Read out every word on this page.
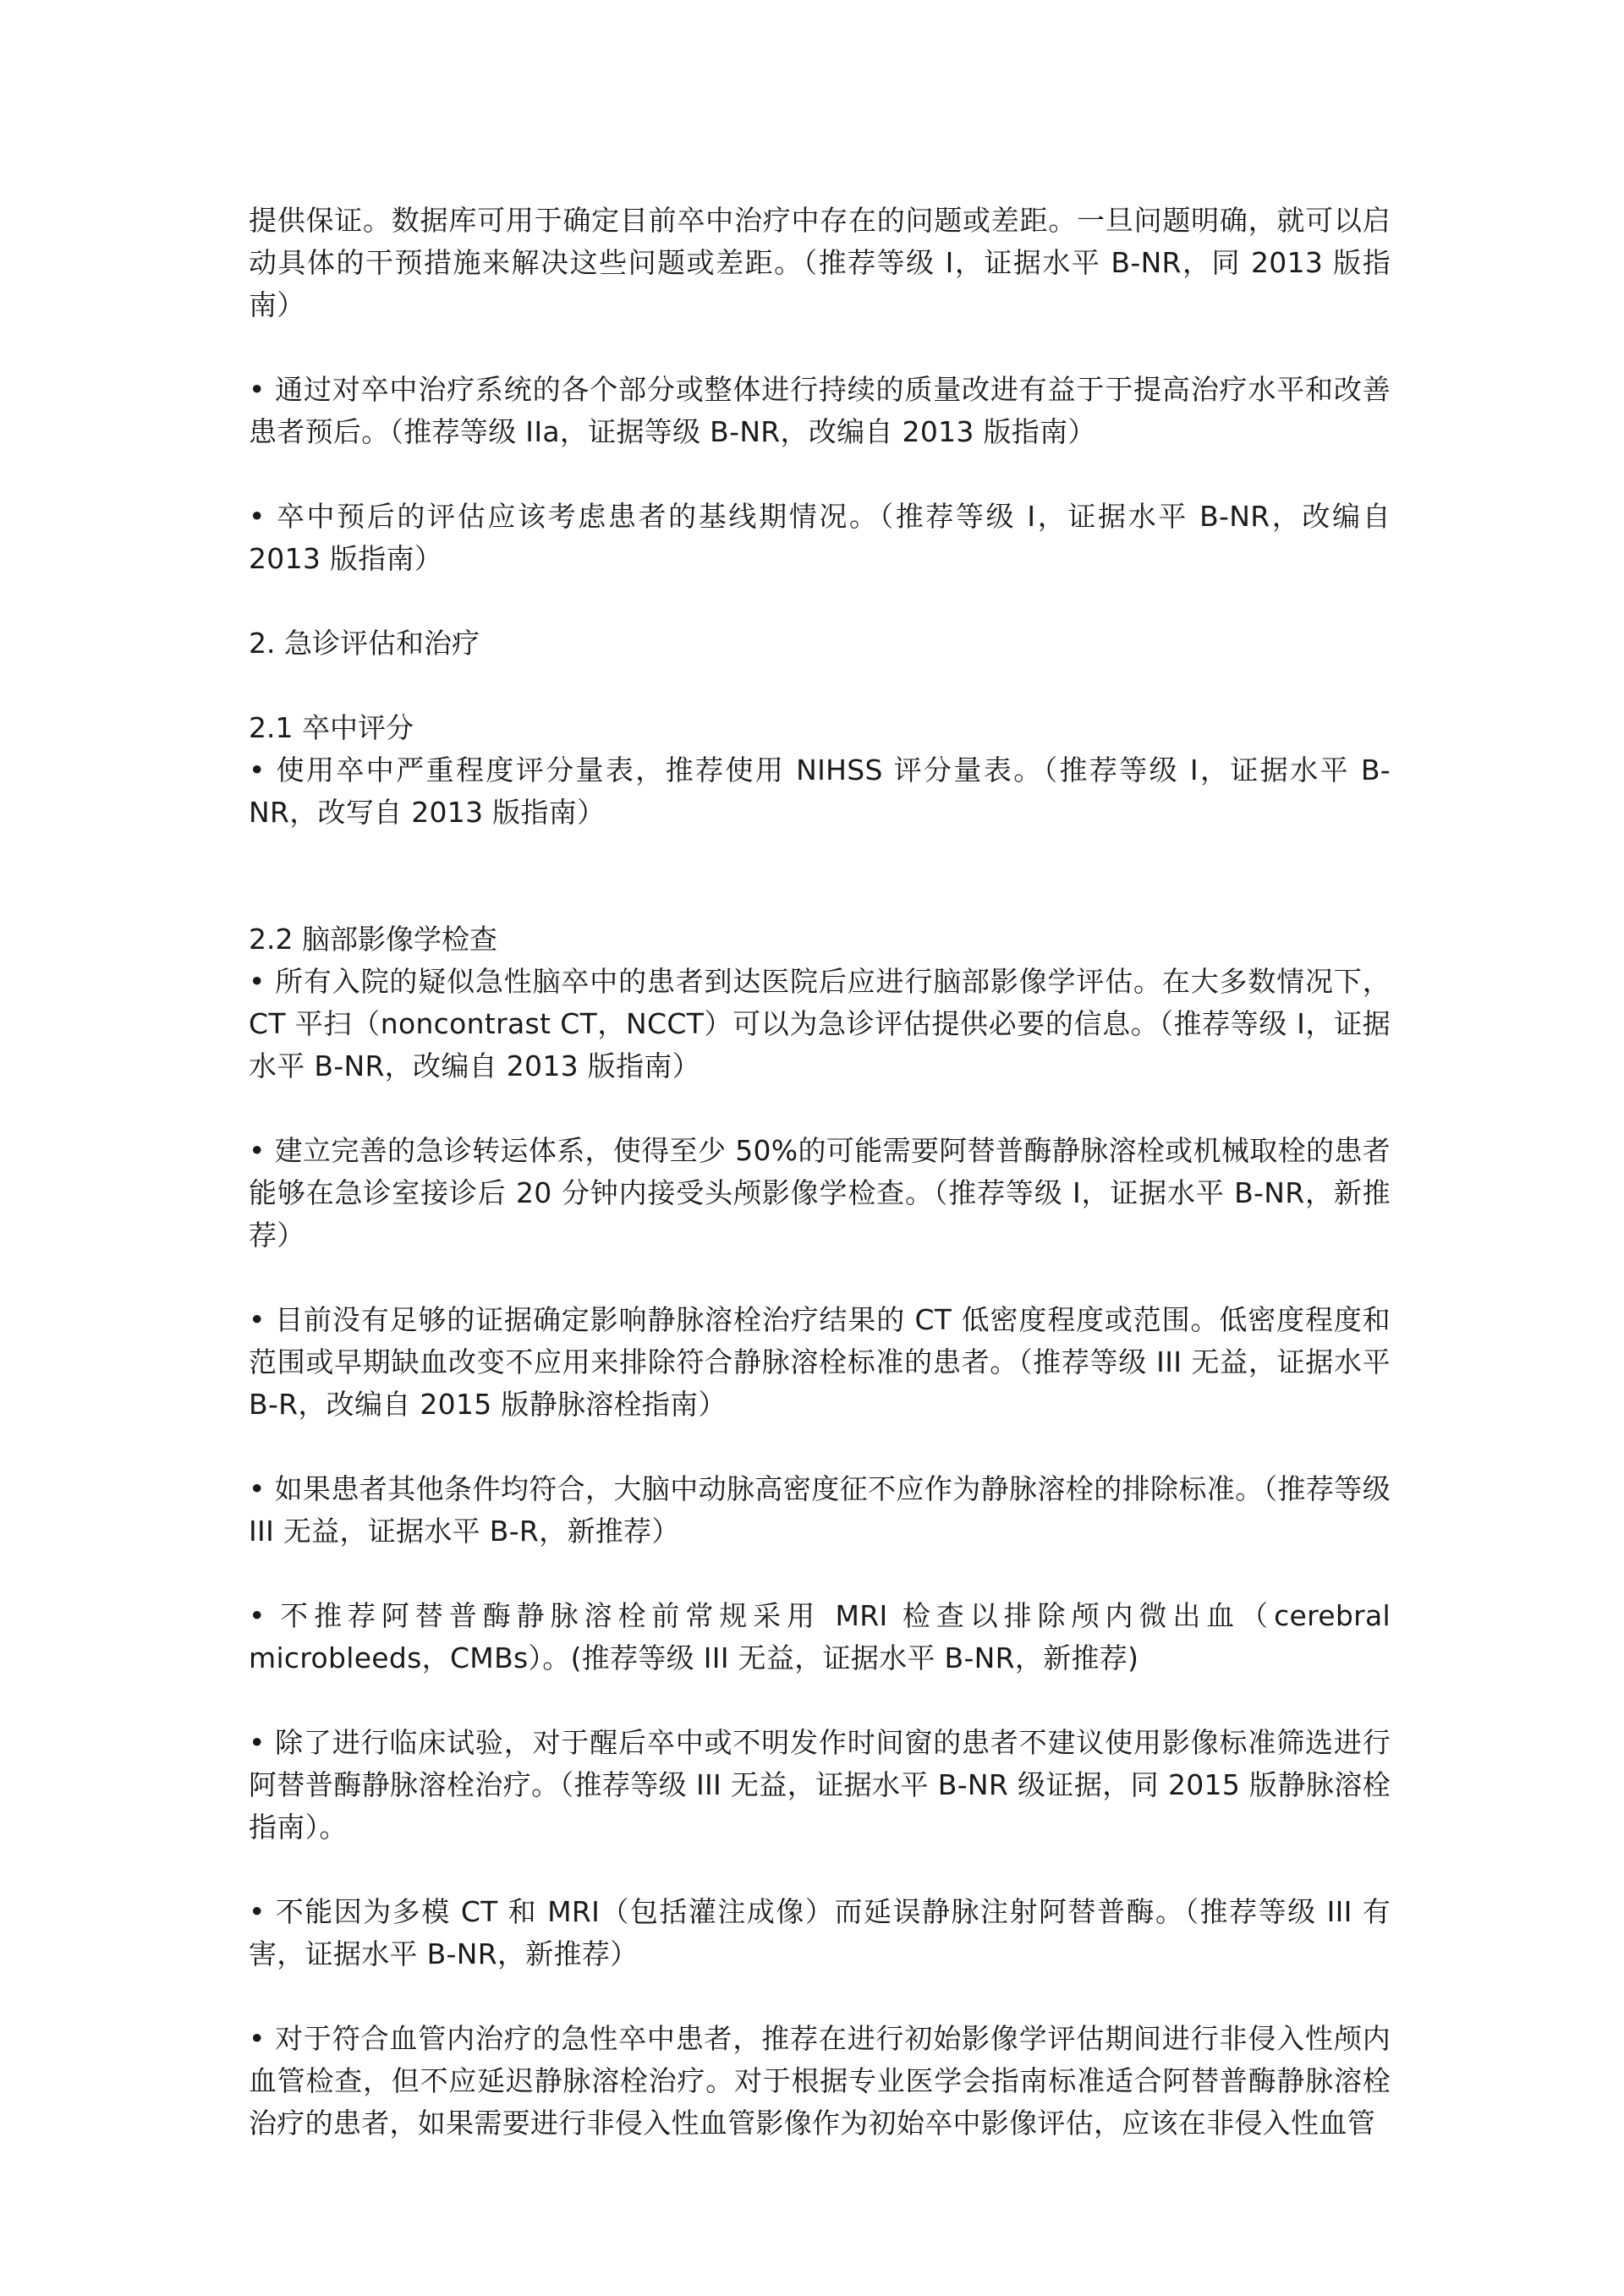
提供保证。数据库可用于确定目前卒中治疗中存在的问题或差距。一旦问题明确，就可以启动具体的干预措施来解决这些问题或差距。（推荐等级 I，证据水平 B-NR，同 2013 版指南）

• 通过对卒中治疗系统的各个部分或整体进行持续的质量改进有益于于提高治疗水平和改善患者预后。（推荐等级 IIa，证据等级 B-NR，改编自 2013 版指南）

• 卒中预后的评估应该考虑患者的基线期情况。（推荐等级 I，证据水平 B-NR，改编自 2013 版指南）

2. 急诊评估和治疗

2.1 卒中评分

• 使用卒中严重程度评分量表，推荐使用 NIHSS 评分量表。（推荐等级 I，证据水平 B-NR，改写自 2013 版指南）

2.2 脑部影像学检查

• 所有入院的疑似急性脑卒中的患者到达医院后应进行脑部影像学评估。在大多数情况下，CT 平扫（noncontrast CT，NCCT）可以为急诊评估提供必要的信息。（推荐等级 I，证据水平 B-NR，改编自 2013 版指南）

• 建立完善的急诊转运体系，使得至少 50%的可能需要阿替普酶静脉溶栓或机械取栓的患者能够在急诊室接诊后 20 分钟内接受头颅影像学检查。（推荐等级 I，证据水平 B-NR，新推荐）

• 目前没有足够的证据确定影响静脉溶栓治疗结果的 CT 低密度程度或范围。低密度程度和范围或早期缺血改变不应用来排除符合静脉溶栓标准的患者。（推荐等级 III 无益，证据水平 B-R，改编自 2015 版静脉溶栓指南）

• 如果患者其他条件均符合，大脑中动脉高密度征不应作为静脉溶栓的排除标准。（推荐等级 III 无益，证据水平 B-R，新推荐）

• 不推荐阿替普酶静脉溶栓前常规采用 MRI 检查以排除颅内微出血（cerebral microbleeds，CMBs）。(推荐等级 III 无益，证据水平 B-NR，新推荐)

• 除了进行临床试验，对于醒后卒中或不明发作时间窗的患者不建议使用影像标准筛选进行阿替普酶静脉溶栓治疗。（推荐等级 III 无益，证据水平 B-NR 级证据，同 2015 版静脉溶栓指南）。

• 不能因为多模 CT 和 MRI（包括灌注成像）而延误静脉注射阿替普酶。（推荐等级 III 有害，证据水平 B-NR，新推荐）

• 对于符合血管内治疗的急性卒中患者，推荐在进行初始影像学评估期间进行非侵入性颅内血管检查，但不应延迟静脉溶栓治疗。对于根据专业医学会指南标准适合阿替普酶静脉溶栓治疗的患者，如果需要进行非侵入性血管影像作为初始卒中影像评估，应该在非侵入性血管
